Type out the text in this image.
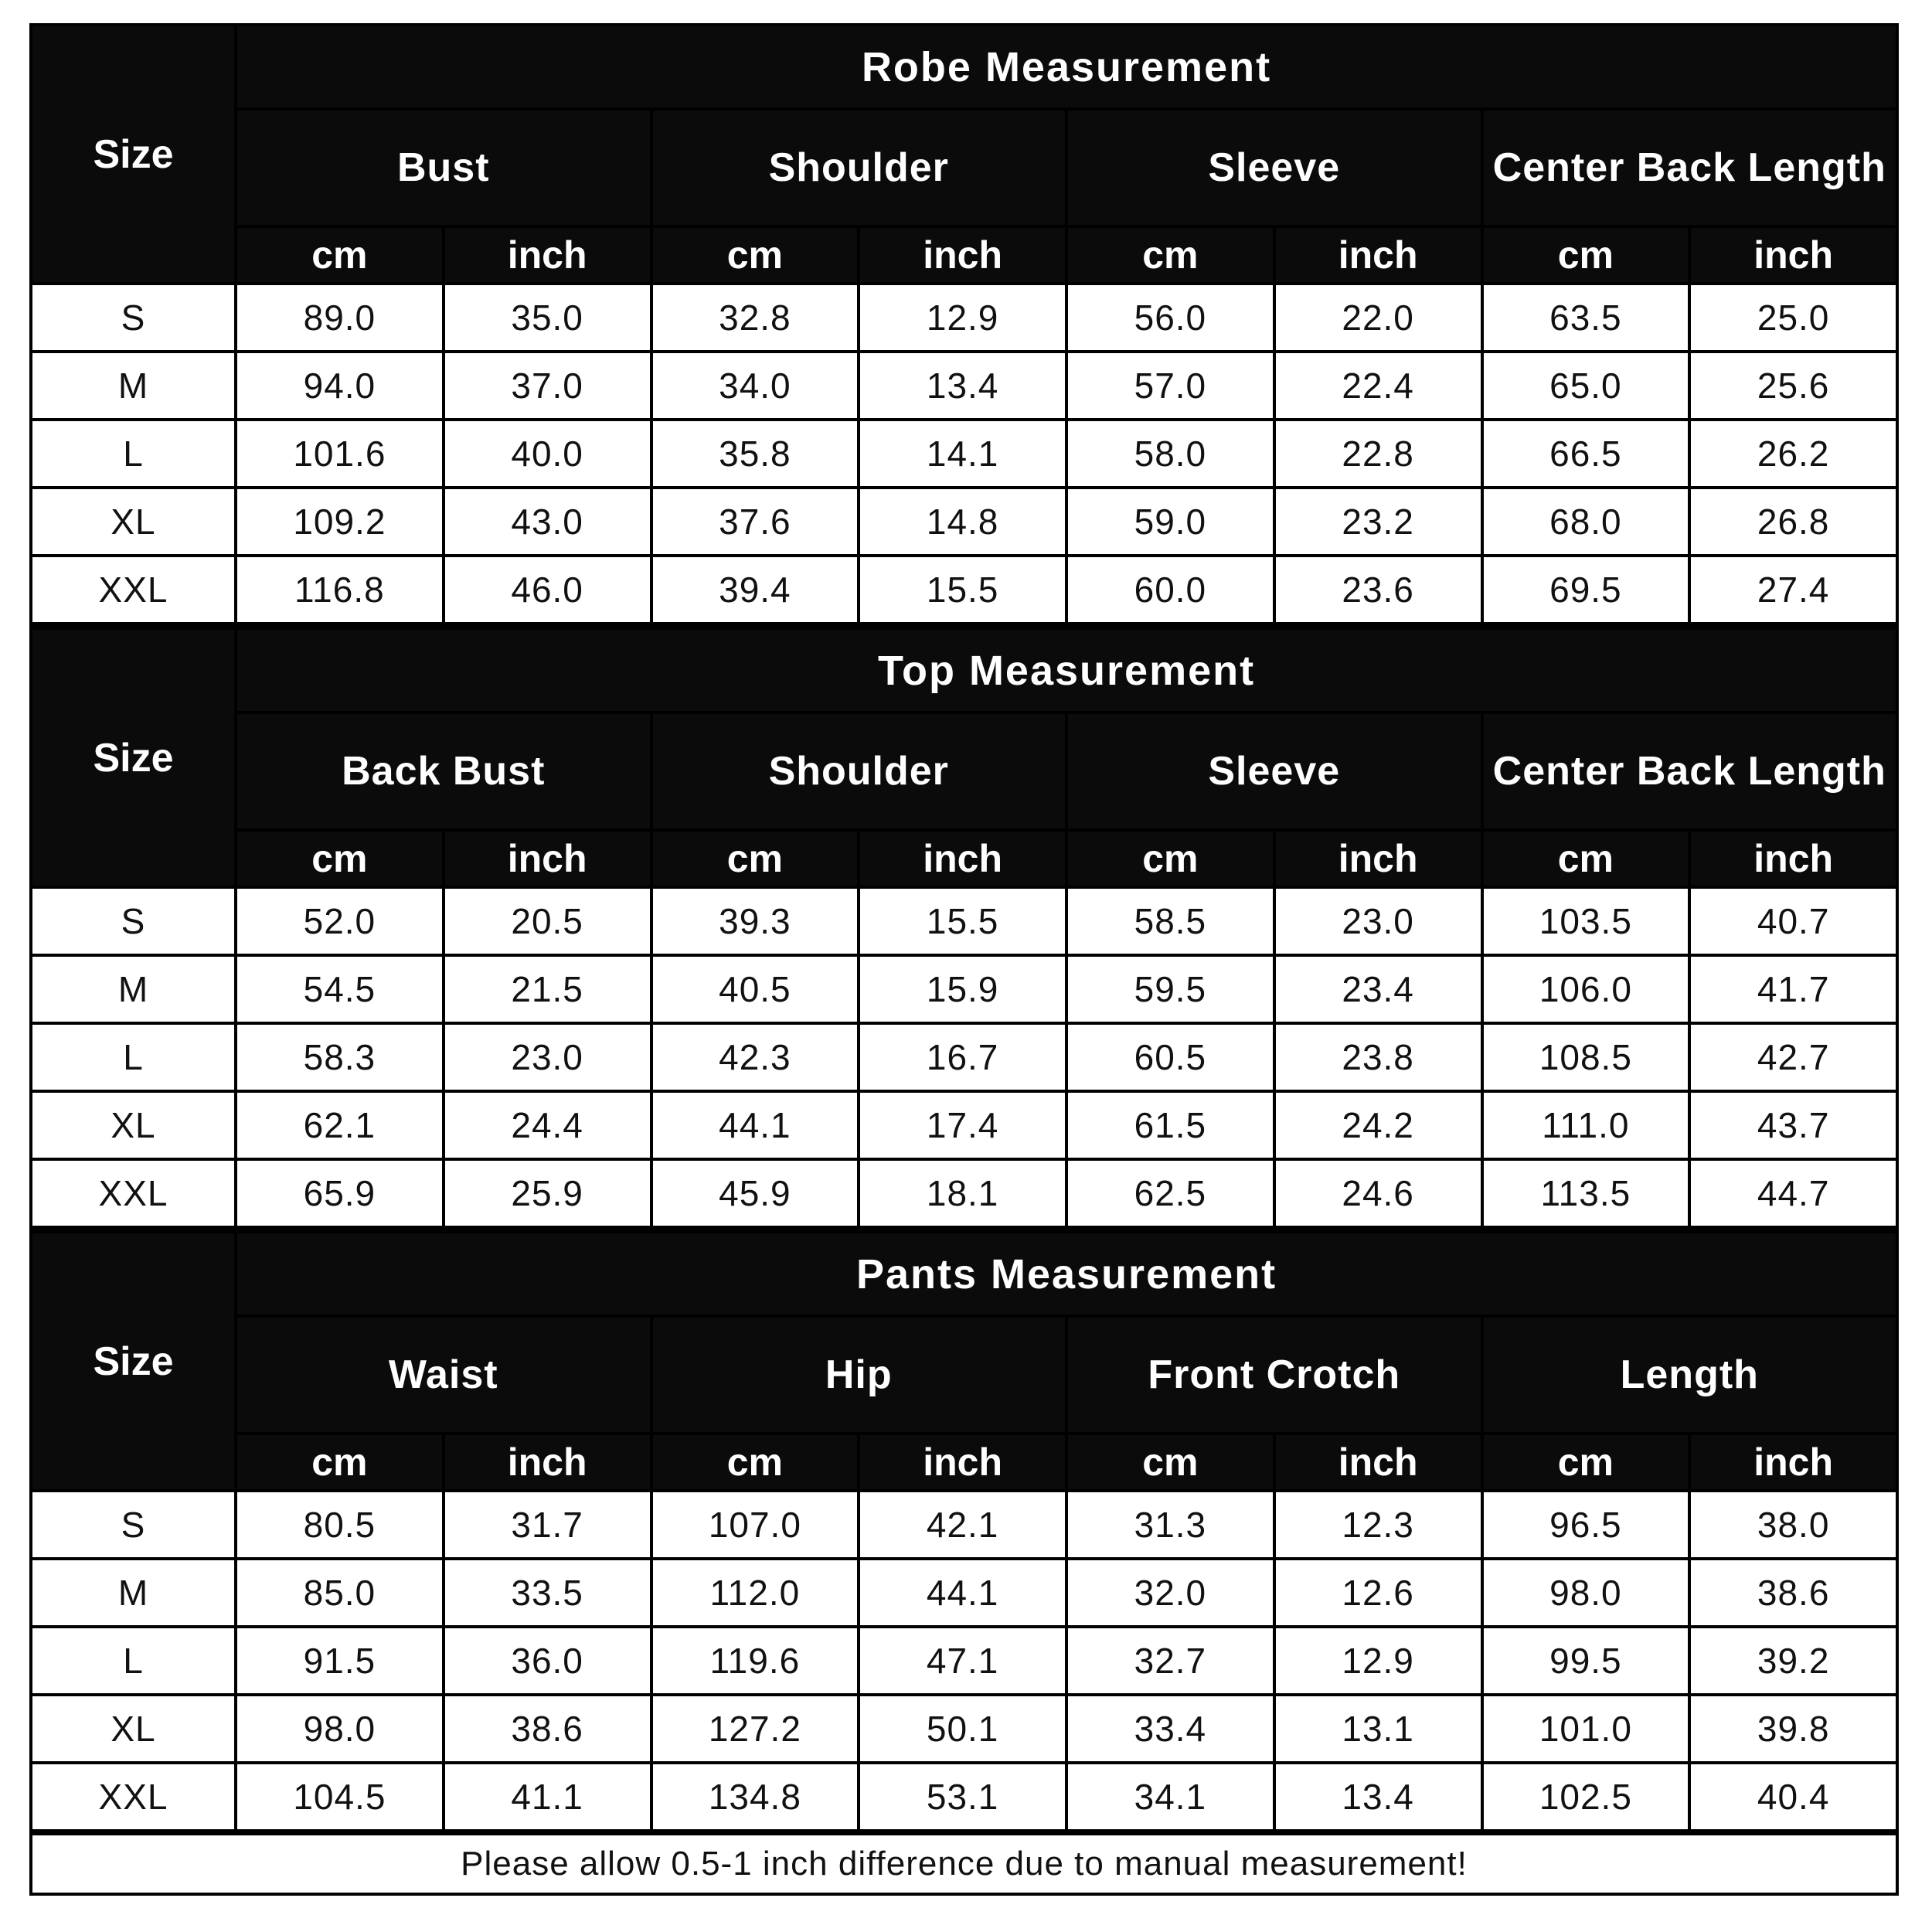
Size	Robe Measurement							
	Bust		Shoulder		Sleeve		Center Back Length	
	cm	inch	cm	inch	cm	inch	cm	inch
S	89.0	35.0	32.8	12.9	56.0	22.0	63.5	25.0
M	94.0	37.0	34.0	13.4	57.0	22.4	65.0	25.6
L	101.6	40.0	35.8	14.1	58.0	22.8	66.5	26.2
XL	109.2	43.0	37.6	14.8	59.0	23.2	68.0	26.8
XXL	116.8	46.0	39.4	15.5	60.0	23.6	69.5	27.4
Size	Top Measurement							
	Back Bust		Shoulder		Sleeve		Center Back Length	
	cm	inch	cm	inch	cm	inch	cm	inch
S	52.0	20.5	39.3	15.5	58.5	23.0	103.5	40.7
M	54.5	21.5	40.5	15.9	59.5	23.4	106.0	41.7
L	58.3	23.0	42.3	16.7	60.5	23.8	108.5	42.7
XL	62.1	24.4	44.1	17.4	61.5	24.2	111.0	43.7
XXL	65.9	25.9	45.9	18.1	62.5	24.6	113.5	44.7
Size	Pants Measurement							
	Waist		Hip		Front Crotch		Length	
	cm	inch	cm	inch	cm	inch	cm	inch
S	80.5	31.7	107.0	42.1	31.3	12.3	96.5	38.0
M	85.0	33.5	112.0	44.1	32.0	12.6	98.0	38.6
L	91.5	36.0	119.6	47.1	32.7	12.9	99.5	39.2
XL	98.0	38.6	127.2	50.1	33.4	13.1	101.0	39.8
XXL	104.5	41.1	134.8	53.1	34.1	13.4	102.5	40.4
Please allow 0.5-1 inch difference due to manual measurement!
